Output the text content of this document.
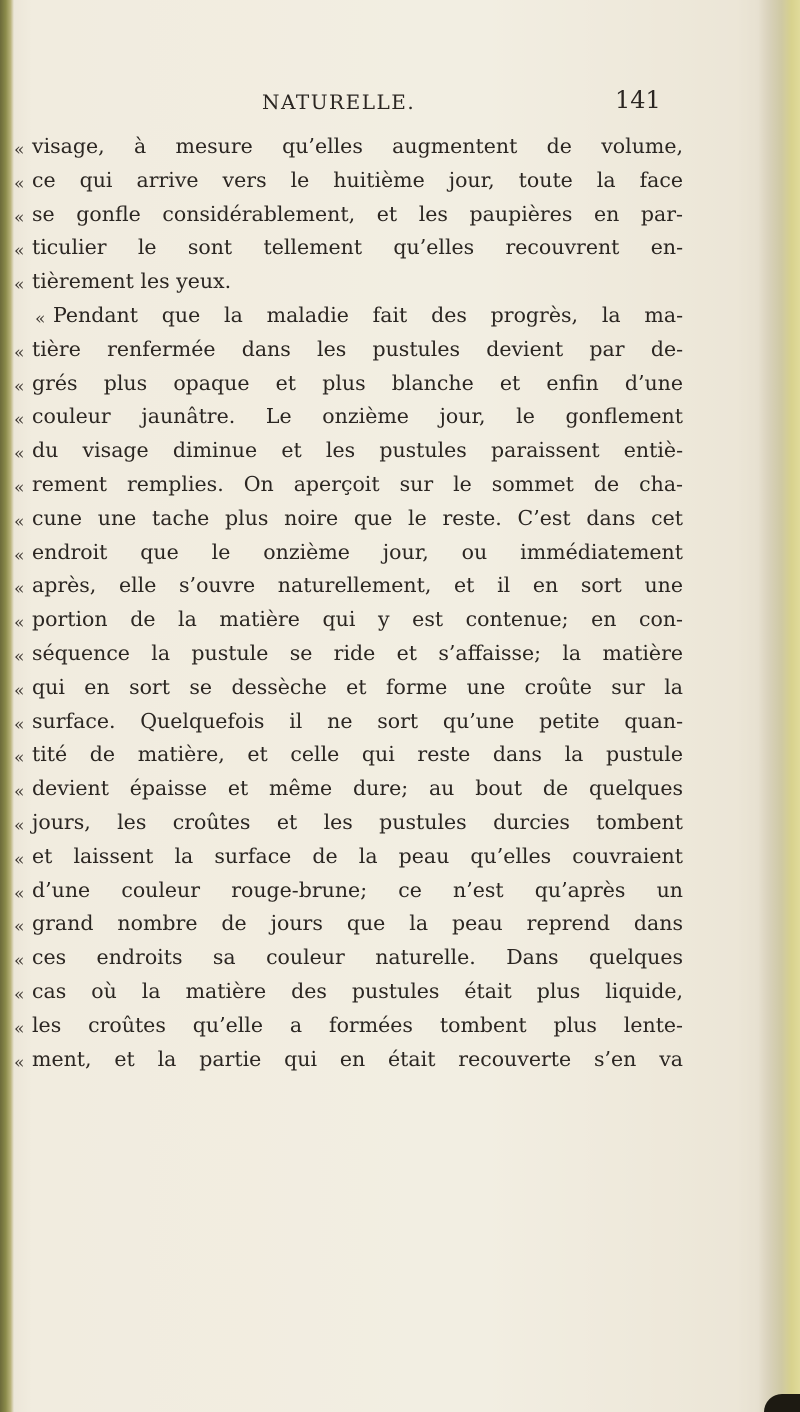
NATURELLE.	141
« visage, à mesure qu’elles augmentent de volume,
« ce qui arrive vers le huitième jour, toute la face
« se gonfle considérablement, et les paupières en par-
« ticulier le sont tellement qu’elles recouvrent en-
« tièrement les yeux.
« Pendant que la maladie fait des progrès, la ma-
« tière renfermée dans les pustules devient par de-
« grés plus opaque et plus blanche et enfin d’une
« couleur jaunâtre. Le onzième jour, le gonflement
« du visage diminue et les pustules paraissent entiè-
« rement remplies. On aperçoit sur le sommet de cha-
« cune une tache plus noire que le reste. C’est dans cet
« endroit que le onzième jour, ou immédiatement
« après, elle s’ouvre naturellement, et il en sort une
« portion de la matière qui y est contenue; en con-
« séquence la pustule se ride et s’affaisse; la matière
« qui en sort se dessèche et forme une croûte sur la
« surface. Quelquefois il ne sort qu’une petite quan-
« tité de matière, et celle qui reste dans la pustule
« devient épaisse et même dure; au bout de quelques
« jours, les croûtes et les pustules durcies tombent
« et laissent la surface de la peau qu’elles couvraient
« d’une couleur rouge-brune; ce n’est qu’après un
« grand nombre de jours que la peau reprend dans
« ces endroits sa couleur naturelle. Dans quelques
« cas où la matière des pustules était plus liquide,
« les croûtes qu’elle a formées tombent plus lente-
« ment, et la partie qui en était recouverte s’en va
